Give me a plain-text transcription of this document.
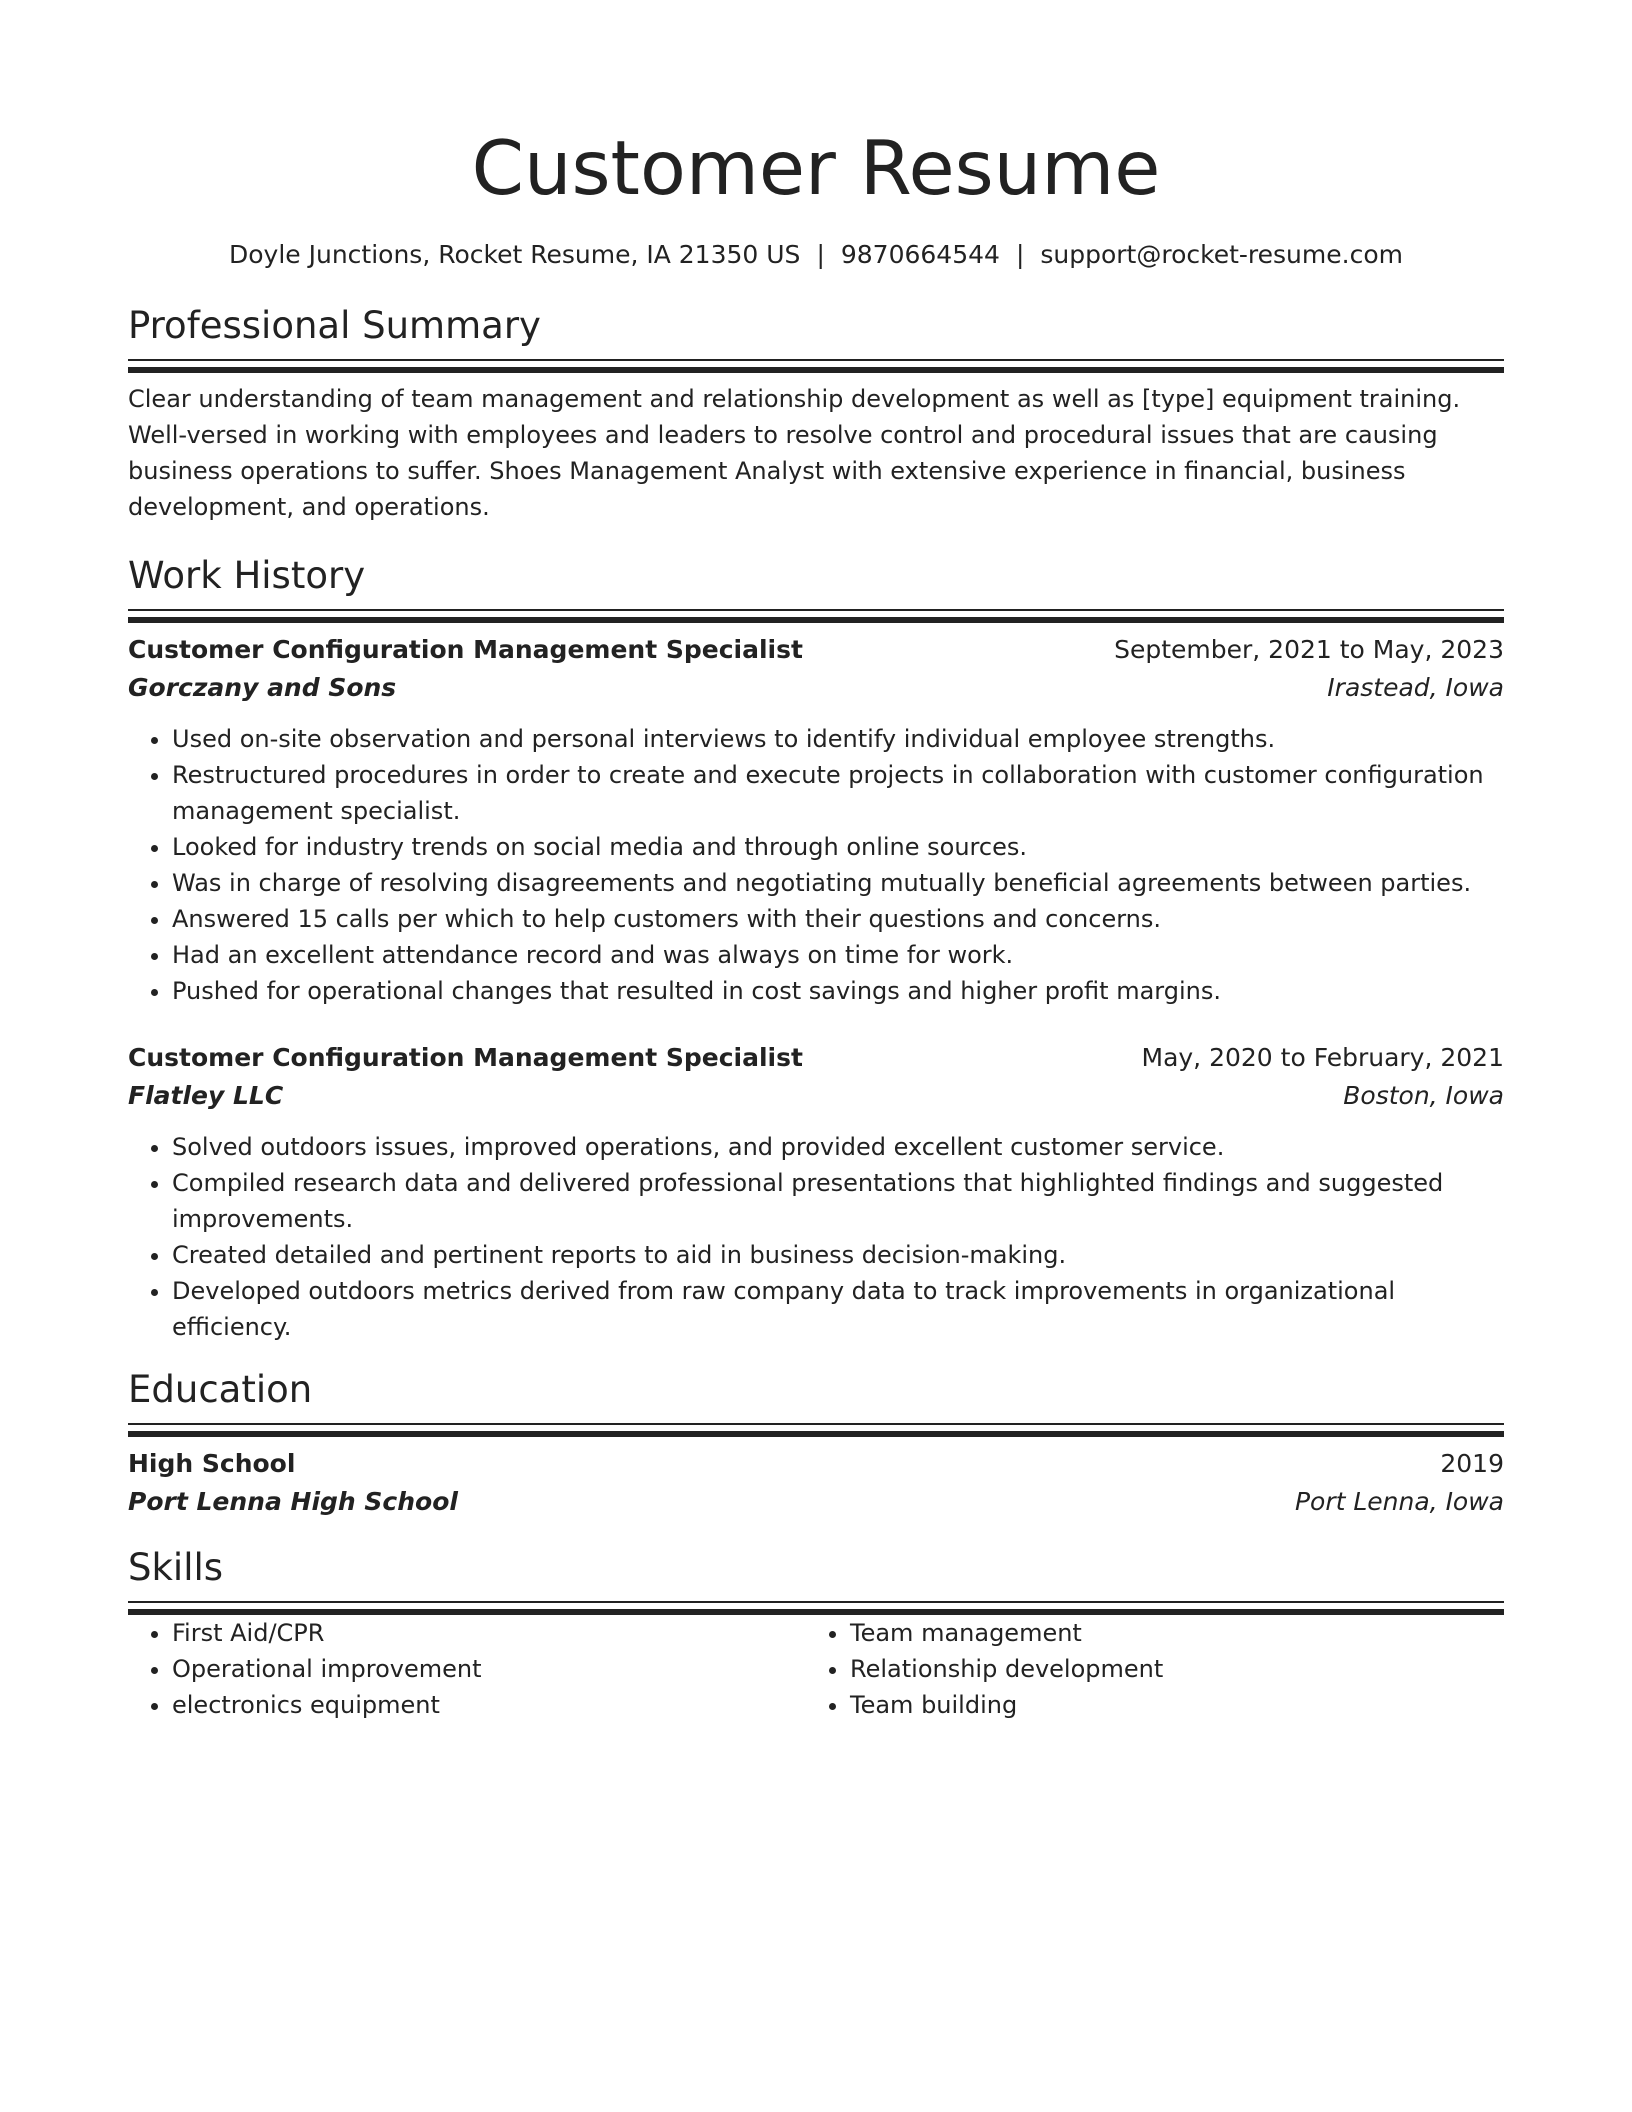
Customer Resume
Doyle Junctions, Rocket Resume, IA 21350 US | 9870664544 | support@rocket-resume.com
Professional Summary
Clear understanding of team management and relationship development as well as [type] equipment training. Well-versed in working with employees and leaders to resolve control and procedural issues that are causing business operations to suffer. Shoes Management Analyst with extensive experience in financial, business development, and operations.
Work History
Customer Configuration Management Specialist	September, 2021 to May, 2023
Gorczany and Sons	Irastead, Iowa
• Used on-site observation and personal interviews to identify individual employee strengths.
• Restructured procedures in order to create and execute projects in collaboration with customer configuration management specialist.
• Looked for industry trends on social media and through online sources.
• Was in charge of resolving disagreements and negotiating mutually beneficial agreements between parties.
• Answered 15 calls per which to help customers with their questions and concerns.
• Had an excellent attendance record and was always on time for work.
• Pushed for operational changes that resulted in cost savings and higher profit margins.
Customer Configuration Management Specialist	May, 2020 to February, 2021
Flatley LLC	Boston, Iowa
• Solved outdoors issues, improved operations, and provided excellent customer service.
• Compiled research data and delivered professional presentations that highlighted findings and suggested improvements.
• Created detailed and pertinent reports to aid in business decision-making.
• Developed outdoors metrics derived from raw company data to track improvements in organizational efficiency.
Education
High School	2019
Port Lenna High School	Port Lenna, Iowa
Skills
• First Aid/CPR
• Operational improvement
• electronics equipment
• Team management
• Relationship development
• Team building
